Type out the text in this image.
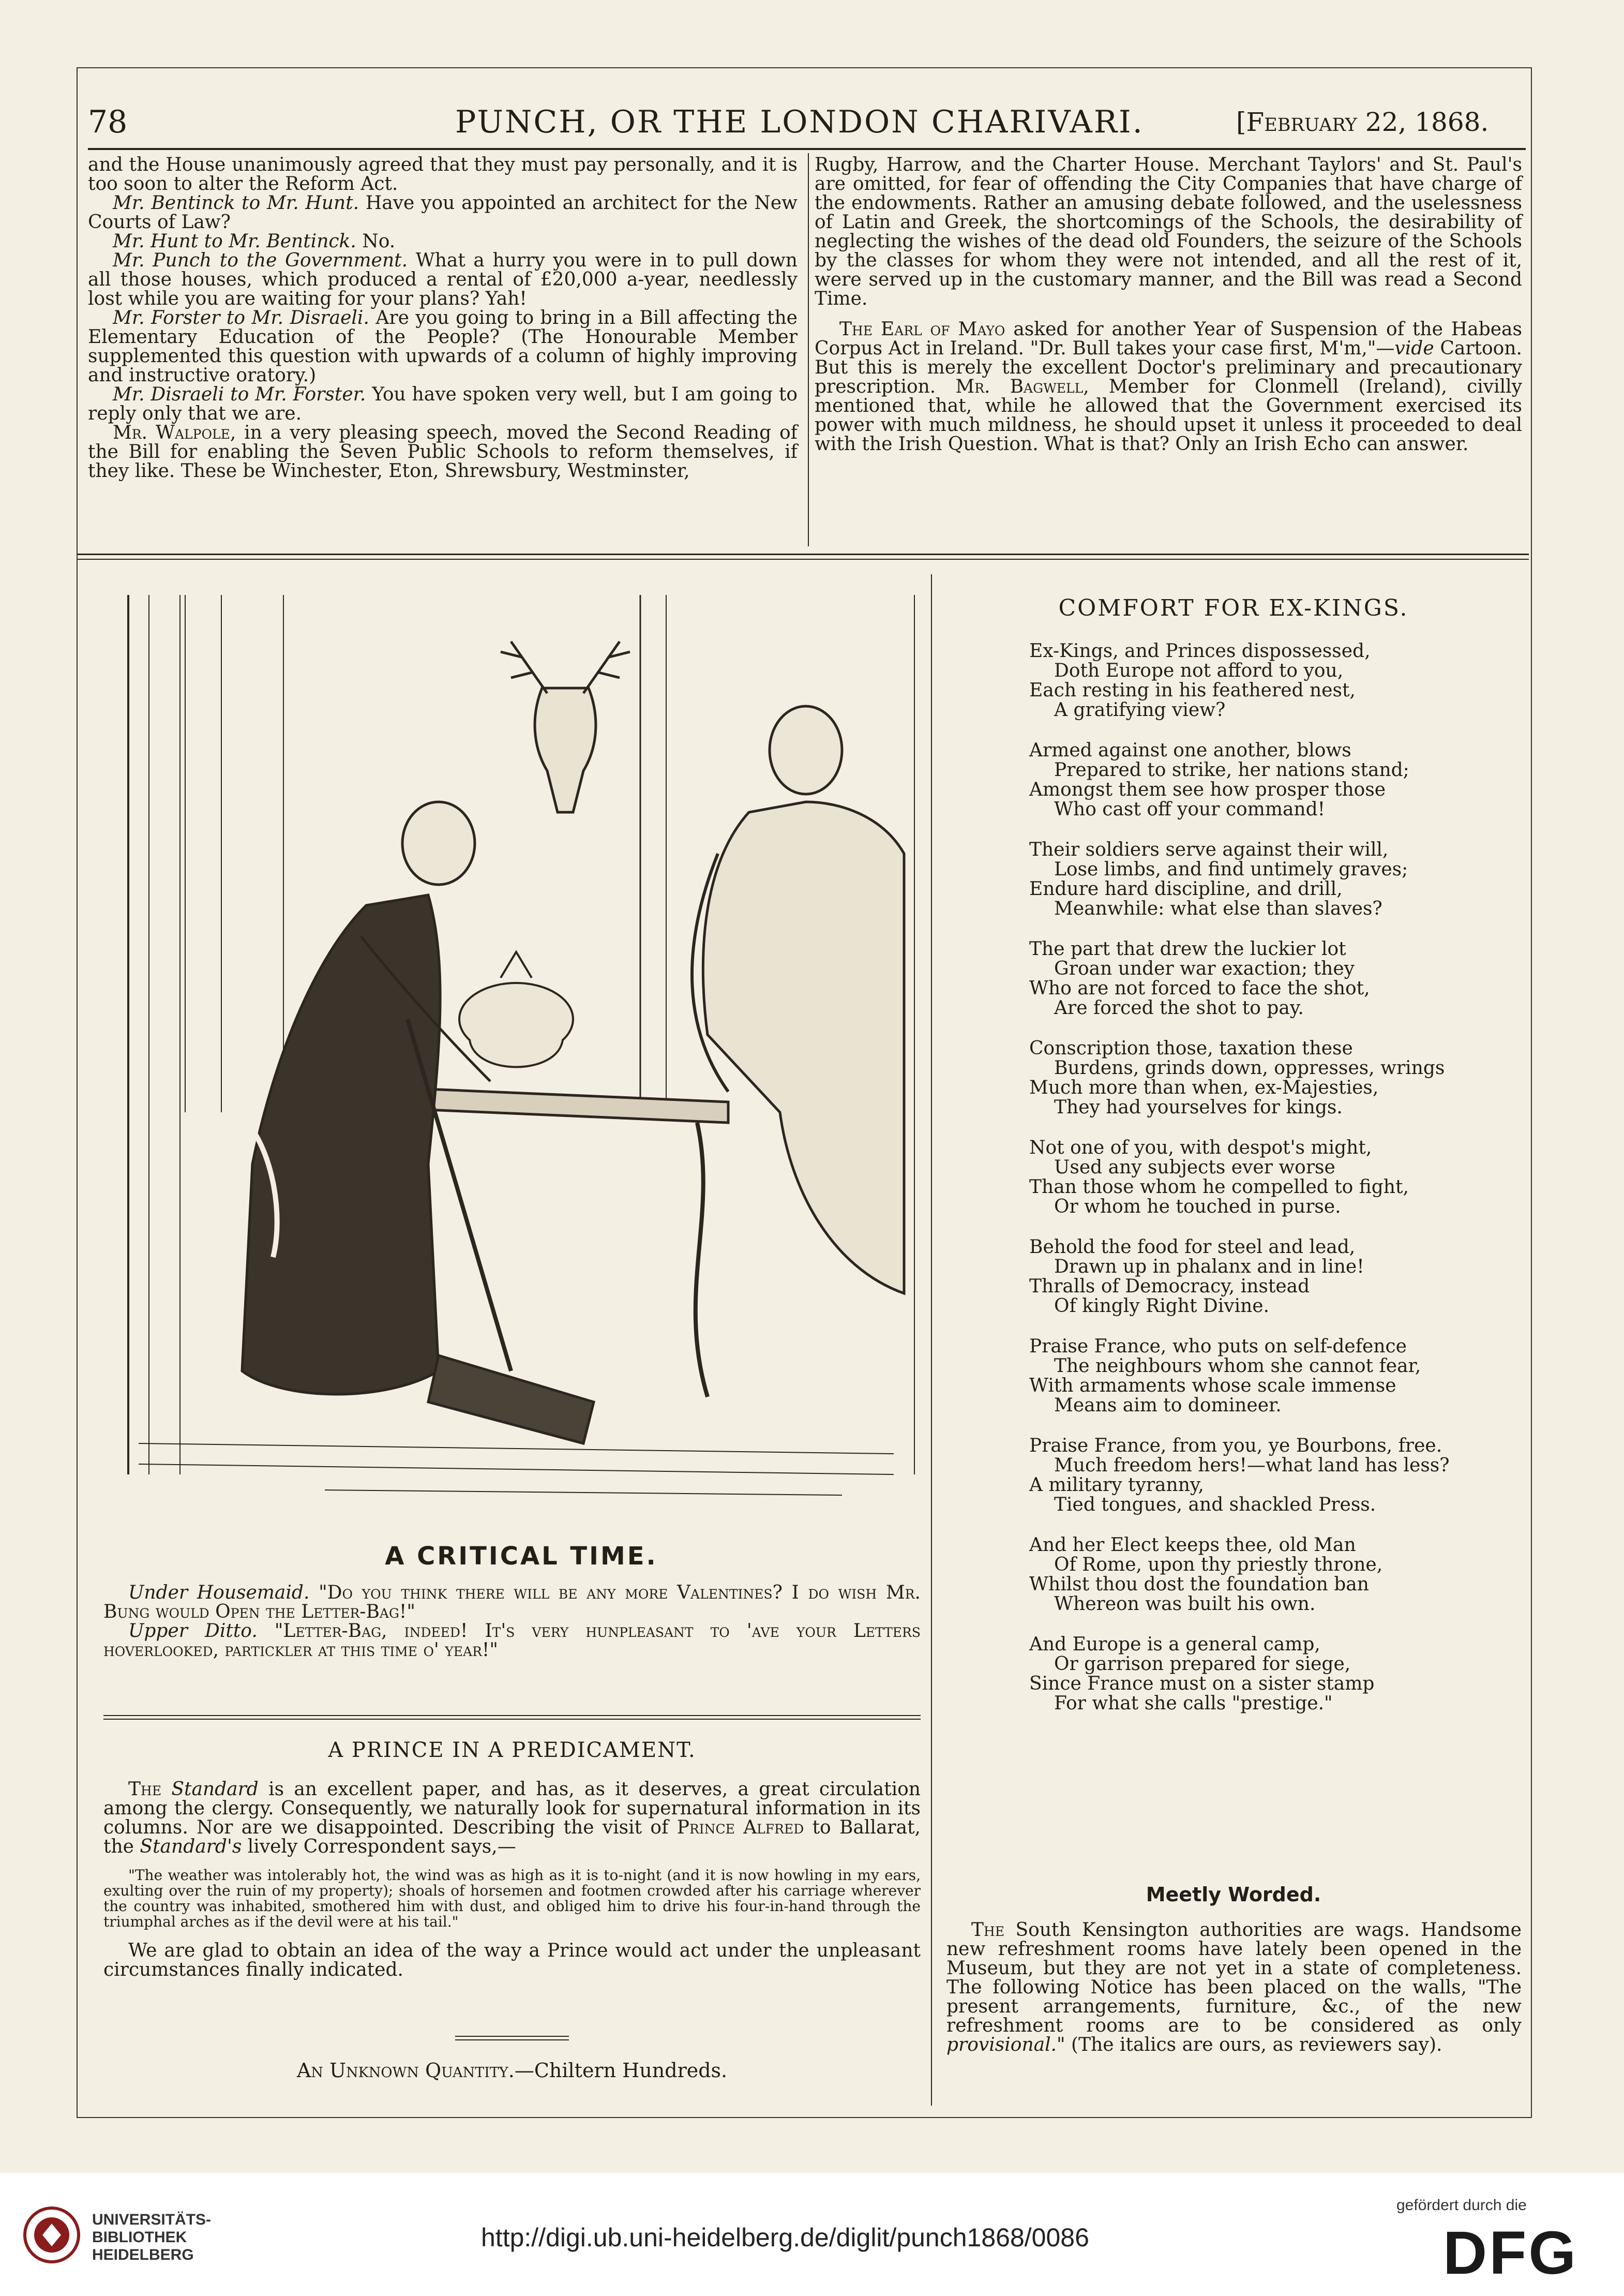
78	PUNCH, OR THE LONDON CHARIVARI.	[February 22, 1868.

and the House unanimously agreed that they must pay personally, and it is too soon to alter the Reform Act.

Mr. Bentinck to Mr. Hunt. Have you appointed an architect for the New Courts of Law?

Mr. Hunt to Mr. Bentinck. No.

Mr. Punch to the Government. What a hurry you were in to pull down all those houses, which produced a rental of £20,000 a-year, needlessly lost while you are waiting for your plans? Yah!

Mr. Forster to Mr. Disraeli. Are you going to bring in a Bill affecting the Elementary Education of the People? (The Honourable Member supplemented this question with upwards of a column of highly improving and instructive oratory.)

Mr. Disraeli to Mr. Forster. You have spoken very well, but I am going to reply only that we are.

Mr. Walpole, in a very pleasing speech, moved the Second Reading of the Bill for enabling the Seven Public Schools to reform themselves, if they like. These be Winchester, Eton, Shrewsbury, Westminster,

Rugby, Harrow, and the Charter House. Merchant Taylors' and St. Paul's are omitted, for fear of offending the City Companies that have charge of the endowments. Rather an amusing debate followed, and the uselessness of Latin and Greek, the shortcomings of the Schools, the desirability of neglecting the wishes of the dead old Founders, the seizure of the Schools by the classes for whom they were not intended, and all the rest of it, were served up in the customary manner, and the Bill was read a Second Time.

The Earl of Mayo asked for another Year of Suspension of the Habeas Corpus Act in Ireland. "Dr. Bull takes your case first, M'm,"—vide Cartoon. But this is merely the excellent Doctor's preliminary and precautionary prescription. Mr. Bagwell, Member for Clonmell (Ireland), civilly mentioned that, while he allowed that the Government exercised its power with much mildness, he should upset it unless it proceeded to deal with the Irish Question. What is that? Only an Irish Echo can answer.

A CRITICAL TIME.

Under Housemaid. "Do you think there will be any more Valentines? I do wish Mr. Bung would Open the Letter-Bag!"

Upper Ditto. "Letter-Bag, indeed! It's very hunpleasant to 'ave your Letters hoverlooked, partickler at this time o' year!"

A PRINCE IN A PREDICAMENT.

The Standard is an excellent paper, and has, as it deserves, a great circulation among the clergy. Consequently, we naturally look for supernatural information in its columns. Nor are we disappointed. Describing the visit of Prince Alfred to Ballarat, the Standard's lively Correspondent says,—

"The weather was intolerably hot, the wind was as high as it is to-night (and it is now howling in my ears, exulting over the ruin of my property); shoals of horsemen and footmen crowded after his carriage wherever the country was inhabited, smothered him with dust, and obliged him to drive his four-in-hand through the triumphal arches as if the devil were at his tail."

We are glad to obtain an idea of the way a Prince would act under the unpleasant circumstances finally indicated.

An Unknown Quantity.—Chiltern Hundreds.
COMFORT FOR EX-KINGS.
Ex-Kings, and Princes dispossessed,
Doth Europe not afford to you,
Each resting in his feathered nest,
A gratifying view?
Armed against one another, blows
Prepared to strike, her nations stand;
Amongst them see how prosper those
Who cast off your command!
Their soldiers serve against their will,
Lose limbs, and find untimely graves;
Endure hard discipline, and drill,
Meanwhile: what else than slaves?
The part that drew the luckier lot
Groan under war exaction; they
Who are not forced to face the shot,
Are forced the shot to pay.
Conscription those, taxation these
Burdens, grinds down, oppresses, wrings
Much more than when, ex-Majesties,
They had yourselves for kings.
Not one of you, with despot's might,
Used any subjects ever worse
Than those whom he compelled to fight,
Or whom he touched in purse.
Behold the food for steel and lead,
Drawn up in phalanx and in line!
Thralls of Democracy, instead
Of kingly Right Divine.
Praise France, who puts on self-defence
The neighbours whom she cannot fear,
With armaments whose scale immense
Means aim to domineer.
Praise France, from you, ye Bourbons, free.
Much freedom hers!—what land has less?
A military tyranny,
Tied tongues, and shackled Press.
And her Elect keeps thee, old Man
Of Rome, upon thy priestly throne,
Whilst thou dost the foundation ban
Whereon was built his own.
And Europe is a general camp,
Or garrison prepared for siege,
Since France must on a sister stamp
For what she calls "prestige."
Meetly Worded.

The South Kensington authorities are wags. Handsome new refreshment rooms have lately been opened in the Museum, but they are not yet in a state of completeness. The following Notice has been placed on the walls, "The present arrangements, furniture, &c., of the new refreshment rooms are to be considered as only provisional." (The italics are ours, as reviewers say).

UNIVERSITÄTS-
BIBLIOTHEK
HEIDELBERG
http://digi.ub.uni-heidelberg.de/diglit/punch1868/0086
gefördert durch die
DFG
